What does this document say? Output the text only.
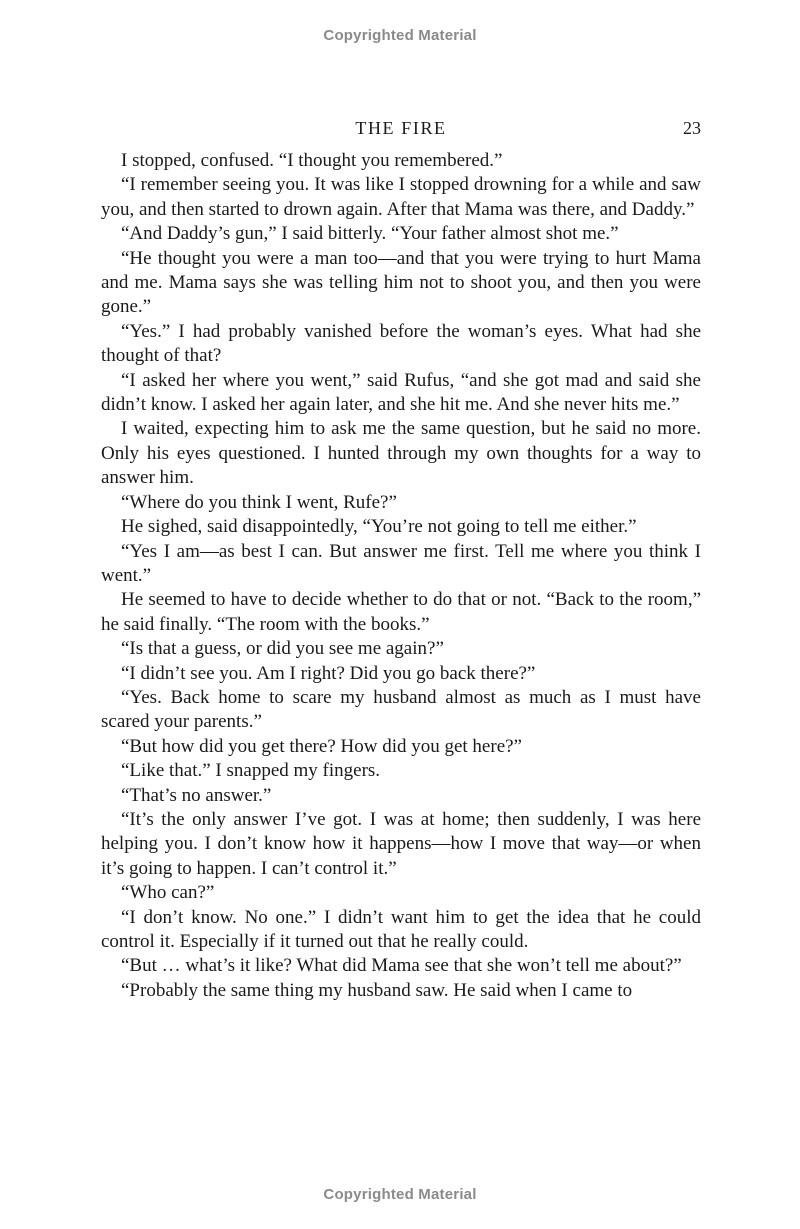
Copyrighted Material
THE FIRE	23

I stopped, confused. “I thought you remembered.”

“I remember seeing you. It was like I stopped drowning for a while and saw you, and then started to drown again. After that Mama was there, and Daddy.”

“And Daddy’s gun,” I said bitterly. “Your father almost shot me.”

“He thought you were a man too—and that you were trying to hurt Mama and me. Mama says she was telling him not to shoot you, and then you were gone.”

“Yes.” I had probably vanished before the woman’s eyes. What had she thought of that?

“I asked her where you went,” said Rufus, “and she got mad and said she didn’t know. I asked her again later, and she hit me. And she never hits me.”

I waited, expecting him to ask me the same question, but he said no more. Only his eyes questioned. I hunted through my own thoughts for a way to answer him.

“Where do you think I went, Rufe?”

He sighed, said disappointedly, “You’re not going to tell me either.”

“Yes I am—as best I can. But answer me first. Tell me where you think I went.”

He seemed to have to decide whether to do that or not. “Back to the room,” he said finally. “The room with the books.”

“Is that a guess, or did you see me again?”

“I didn’t see you. Am I right? Did you go back there?”

“Yes. Back home to scare my husband almost as much as I must have scared your parents.”

“But how did you get there? How did you get here?”

“Like that.” I snapped my fingers.

“That’s no answer.”

“It’s the only answer I’ve got. I was at home; then suddenly, I was here helping you. I don’t know how it happens—how I move that way—or when it’s going to happen. I can’t control it.”

“Who can?”

“I don’t know. No one.” I didn’t want him to get the idea that he could control it. Especially if it turned out that he really could.

“But … what’s it like? What did Mama see that she won’t tell me about?”

“Probably the same thing my husband saw. He said when I came to

Copyrighted Material
